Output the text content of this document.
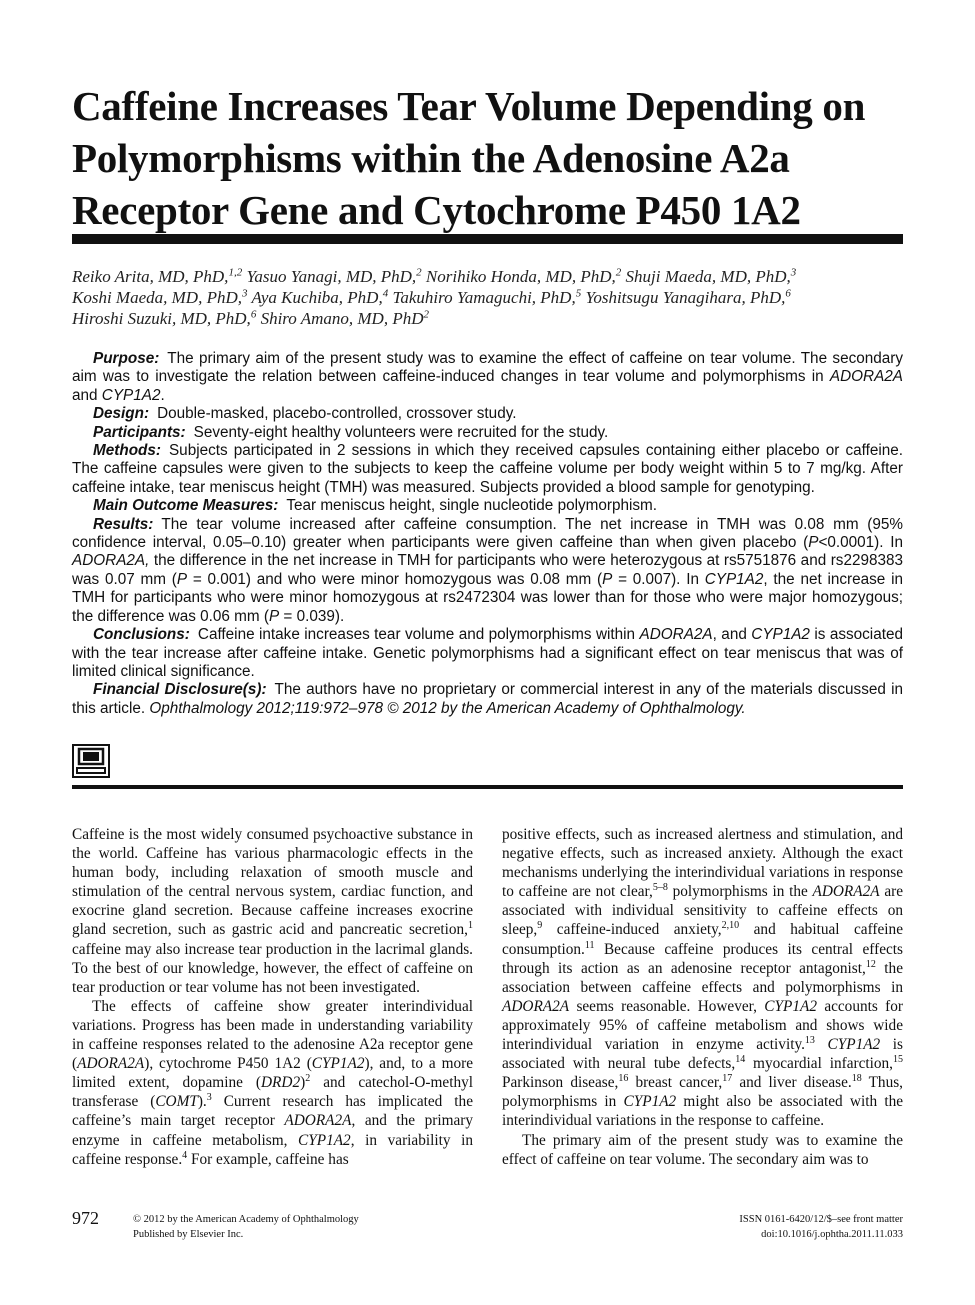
Caffeine Increases Tear Volume Depending on Polymorphisms within the Adenosine A2a Receptor Gene and Cytochrome P450 1A2

Reiko Arita, MD, PhD,$^{1,2}$ Yasuo Yanagi, MD, PhD,$^2$ Norihiko Honda, MD, PhD,$^2$ Shuji Maeda, MD, PhD,$^3$
Koshi Maeda, MD, PhD,$^3$ Aya Kuchiba, PhD,$^4$ Takuhiro Yamaguchi, PhD,$^5$ Yoshitsugu Yanagihara, PhD,$^6$
Hiroshi Suzuki, MD, PhD,$^6$ Shiro Amano, MD, PhD$^2$

Purpose: The primary aim of the present study was to examine the effect of caffeine on tear volume. The secondary aim was to investigate the relation between caffeine-induced changes in tear volume and polymorphisms in ADORA2A and CYP1A2.

Design: Double-masked, placebo-controlled, crossover study.

Participants: Seventy-eight healthy volunteers were recruited for the study.

Methods: Subjects participated in 2 sessions in which they received capsules containing either placebo or caffeine. The caffeine capsules were given to the subjects to keep the caffeine volume per body weight within 5 to 7 mg/kg. After caffeine intake, tear meniscus height (TMH) was measured. Subjects provided a blood sample for genotyping.

Main Outcome Measures: Tear meniscus height, single nucleotide polymorphism.

Results: The tear volume increased after caffeine consumption. The net increase in TMH was 0.08 mm (95% confidence interval, 0.05–0.10) greater when participants were given caffeine than when given placebo (P<0.0001). In ADORA2A, the difference in the net increase in TMH for participants who were heterozygous at rs5751876 and rs2298383 was 0.07 mm (P = 0.001) and who were minor homozygous was 0.08 mm (P = 0.007). In CYP1A2, the net increase in TMH for participants who were minor homozygous at rs2472304 was lower than for those who were major homozygous; the difference was 0.06 mm (P = 0.039).

Conclusions: Caffeine intake increases tear volume and polymorphisms within ADORA2A, and CYP1A2 is associated with the tear increase after caffeine intake. Genetic polymorphisms had a significant effect on tear meniscus that was of limited clinical significance.

Financial Disclosure(s): The authors have no proprietary or commercial interest in any of the materials discussed in this article. Ophthalmology 2012;119:972–978 © 2012 by the American Academy of Ophthalmology.

Caffeine is the most widely consumed psychoactive substance in the world. Caffeine has various pharmacologic effects in the human body, including relaxation of smooth muscle and stimulation of the central nervous system, cardiac function, and exocrine gland secretion. Because caffeine increases exocrine gland secretion, such as gastric acid and pancreatic secretion,$^1$ caffeine may also increase tear production in the lacrimal glands. To the best of our knowledge, however, the effect of caffeine on tear production or tear volume has not been investigated.

The effects of caffeine show greater interindividual variations. Progress has been made in understanding variability in caffeine responses related to the adenosine A2a receptor gene (ADORA2A), cytochrome P450 1A2 (CYP1A2), and, to a more limited extent, dopamine $(DRD2)^2$ and catechol-O-methyl transferase (COMT).$^3$ Current research has implicated the caffeine’s main target receptor ADORA2A, and the primary enzyme in caffeine metabolism, CYP1A2, in variability in caffeine response.$^4$ For example, caffeine has

positive effects, such as increased alertness and stimulation, and negative effects, such as increased anxiety. Although the exact mechanisms underlying the interindividual variations in response to caffeine are not clear,$^{5-8}$ polymorphisms in the ADORA2A are associated with individual sensitivity to caffeine effects on sleep,$^9$ caffeine-induced anxiety,$^{2,10}$ and habitual caffeine consumption.$^{11}$ Because caffeine produces its central effects through its action as an adenosine receptor antagonist,$^{12}$ the association between caffeine effects and polymorphisms in ADORA2A seems reasonable. However, CYP1A2 accounts for approximately 95% of caffeine metabolism and shows wide interindividual variation in enzyme activity.$^{13}$ CYP1A2 is associated with neural tube defects,$^{14}$ myocardial infarction,$^{15}$ Parkinson disease,$^{16}$ breast cancer,$^{17}$ and liver disease.$^{18}$ Thus, polymorphisms in CYP1A2 might also be associated with the interindividual variations in the response to caffeine.

The primary aim of the present study was to examine the effect of caffeine on tear volume. The secondary aim was to

972	© 2012 by the American Academy of Ophthalmology
Published by Elsevier Inc.
ISSN 0161-6420/12/$–see front matter
doi:10.1016/j.ophtha.2011.11.033
